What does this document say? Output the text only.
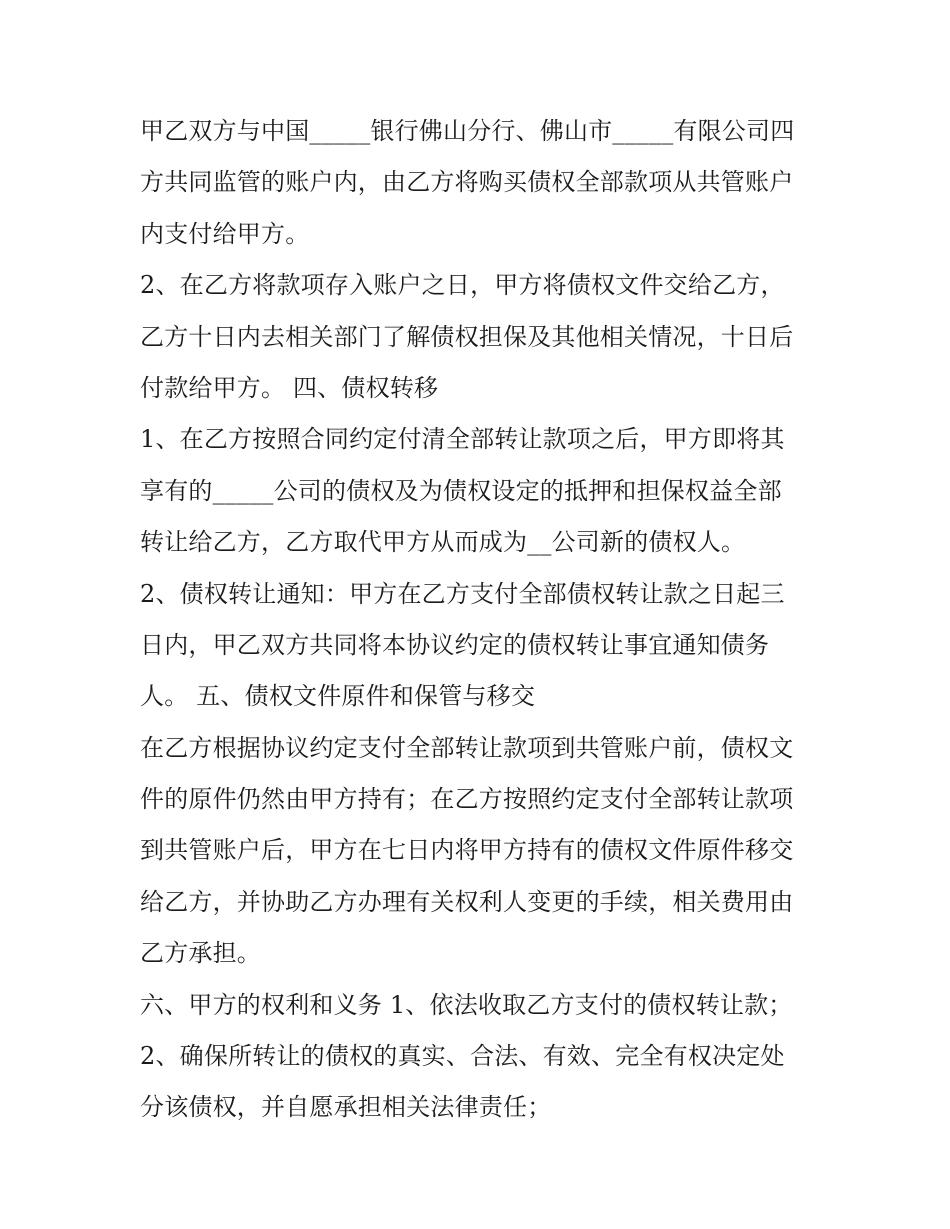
甲乙双方与中国_____银行佛山分行、佛山市_____有限公司四
方共同监管的账户内，由乙方将购买债权全部款项从共管账户
内支付给甲方。
2、在乙方将款项存入账户之日，甲方将债权文件交给乙方，
乙方十日内去相关部门了解债权担保及其他相关情况，十日后
付款给甲方。 四、债权转移
1、在乙方按照合同约定付清全部转让款项之后，甲方即将其
享有的_____公司的债权及为债权设定的抵押和担保权益全部
转让给乙方，乙方取代甲方从而成为__公司新的债权人。
2、债权转让通知：甲方在乙方支付全部债权转让款之日起三
日内，甲乙双方共同将本协议约定的债权转让事宜通知债务
人。 五、债权文件原件和保管与移交
在乙方根据协议约定支付全部转让款项到共管账户前，债权文
件的原件仍然由甲方持有；在乙方按照约定支付全部转让款项
到共管账户后，甲方在七日内将甲方持有的债权文件原件移交
给乙方，并协助乙方办理有关权利人变更的手续，相关费用由
乙方承担。
六、甲方的权利和义务 1、依法收取乙方支付的债权转让款；
2、确保所转让的债权的真实、合法、有效、完全有权决定处
分该债权，并自愿承担相关法律责任；
